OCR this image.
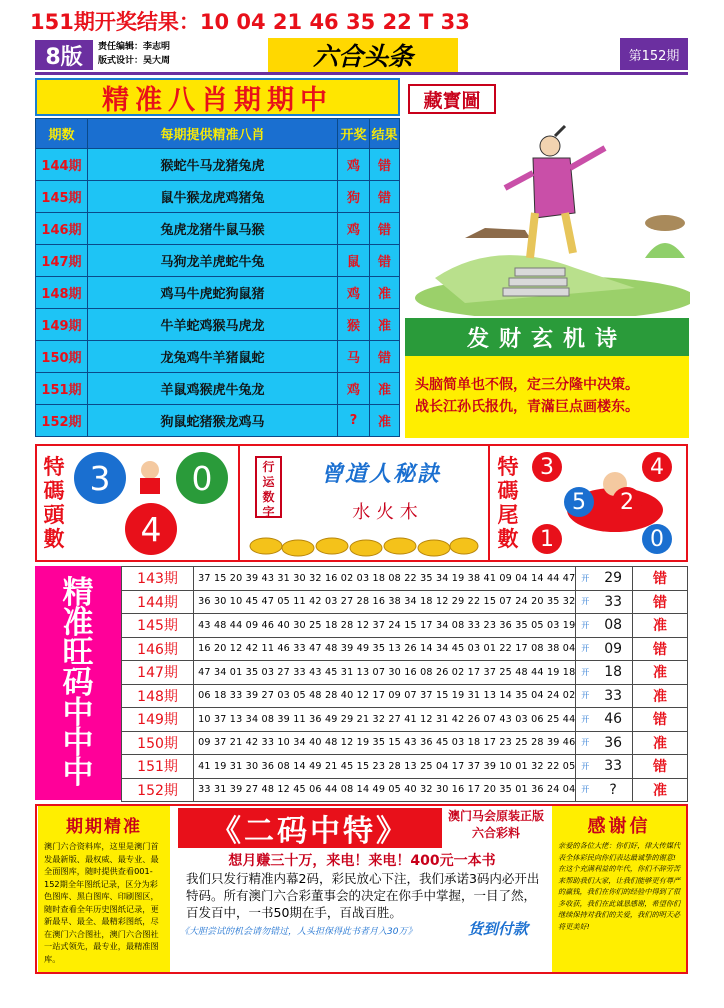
151期开奖结果：10 04 21 46 35 22 T 33
8版	责任编辑：李志明
版式设计：吴大周	六合头条	第152期
精准八肖期期中	藏寳圖
期数	每期提供精准八肖	开奖	结果
144期	猴蛇牛马龙猪兔虎	鸡	错
145期	鼠牛猴龙虎鸡猪兔	狗	错
146期	兔虎龙猪牛鼠马猴	鸡	错
147期	马狗龙羊虎蛇牛兔	鼠	错
148期	鸡马牛虎蛇狗鼠猪	鸡	准
149期	牛羊蛇鸡猴马虎龙	猴	准
150期	龙兔鸡牛羊猪鼠蛇	马	错
151期	羊鼠鸡猴虎牛兔龙	鸡	准
152期	狗鼠蛇猪猴龙鸡马	?	准
发财玄机诗
头脑简单也不假，定三分隆中决策。
战长江孙氏报仇，青滿巨点画楼东。
特
碼
頭
數
3	0
4
行运数字
曾道人秘訣
水 火 木
特
碼
尾
數
3	4
5	2
1	0
精
准
旺
码
中
中
中
143期	37 15 20 39 43 31 30 32 16 02 03 18 08 22 35 34 19 38 41 09 04 14 44 47	开	29	错
144期	36 30 10 45 47 05 11 42 03 27 28 16 38 34 18 12 29 22 15 07 24 20 35 32	开	33	错
145期	43 48 44 09 46 40 30 25 18 28 12 37 24 15 17 34 08 33 23 36 35 05 03 19	开	08	准
146期	16 20 12 42 11 46 33 47 48 39 49 35 13 26 14 34 45 03 01 22 17 08 38 04	开	09	错
147期	47 34 01 35 03 27 33 43 45 31 13 07 30 16 08 26 02 17 37 25 48 44 19 18	开	18	准
148期	06 18 33 39 27 03 05 48 28 40 12 17 09 07 37 15 19 31 13 14 35 04 24 02	开	33	准
149期	10 37 13 34 08 39 11 36 49 29 21 32 27 41 12 31 42 26 07 43 03 06 25 44	开	46	错
150期	09 37 21 42 33 10 34 40 48 12 19 35 15 43 36 45 03 18 17 23 25 28 39 46	开	36	准
151期	41 19 31 30 36 08 14 49 21 45 15 23 28 13 25 04 17 37 39 10 01 32 22 05	开	33	错
152期	33 31 39 27 48 12 45 06 44 08 14 49 05 40 32 30 16 17 20 35 01 36 24 04	开	?	准
期期精准
澳门六合资料库，这里是澳门首发最新版、最权威、最专业、最全面图库，随时提供查看001-152期全年图纸记录，区分为彩色图库、黑白图库、印刷图区，随时查看全年历史图纸记录，更新最早、最全、最精彩图纸，尽在澳门六合图社，澳门六合图社一站式领先，最专业，最精准图库。
《二码中特》	澳门马会原装正版六合彩料
想月赚三十万，来电！来电！400元一本书
我们只发行精准内幕2码，彩民放心下注，我们承诺3码内必开出特码。所有澳门六合彩董事会的决定在你手中掌握，一目了然，百发百中，一书50期在手，百战百胜。
《大胆尝试的机会请勿错过，人头担保得此书者月入30万》	货到付款
感谢信
亲爱的各位大佬：你们好，律大传媒代表全体彩民向你们表达最诚挚的谢意!在这个充满利益的年代，你们不辞劳苦来帮助我们大家，让我们能够更有尊严的赢钱，我们在你们的经验中得到了很多收获，我们在此诚恳感谢，希望你们继续保持对我们的关爱，我们的明天必将更美好!
